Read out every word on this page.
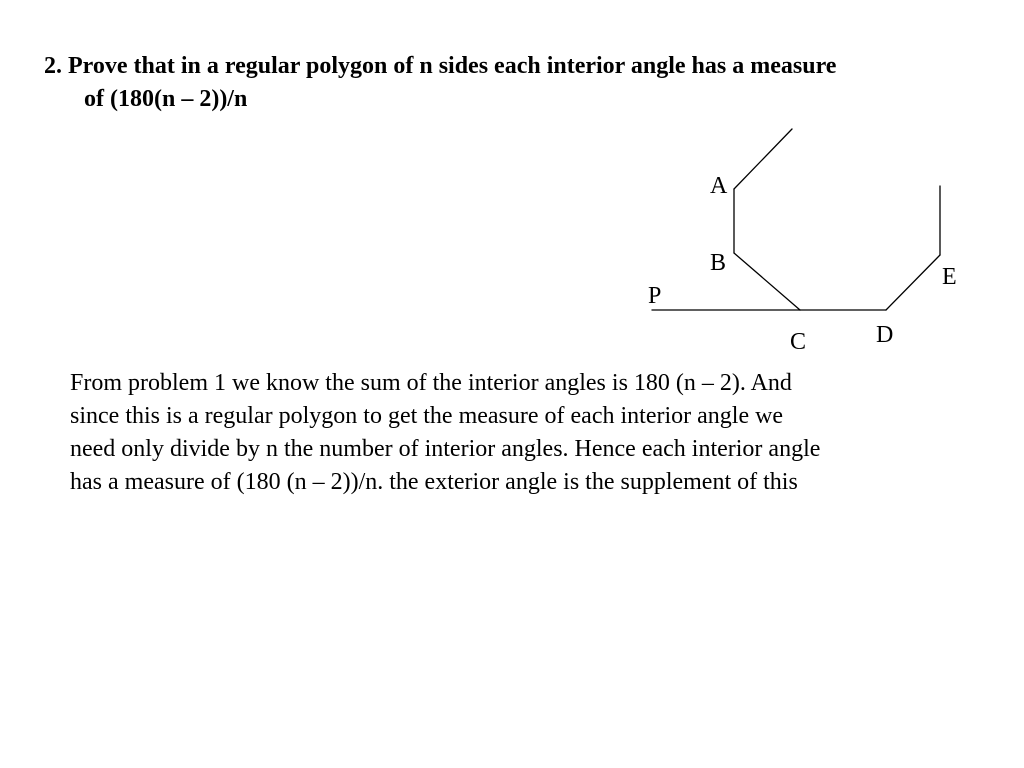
2. Prove that in a regular polygon of n sides each interior angle has a measure
of (180(n – 2))/n

A
B
E
P
D
C

From problem 1 we know the sum of the interior angles is 180 (n – 2). And
since this is a regular polygon to get the measure of each interior angle we
need only divide by n the number of interior angles. Hence each interior angle
has a measure of (180 (n – 2))/n. the exterior angle is the supplement of this
